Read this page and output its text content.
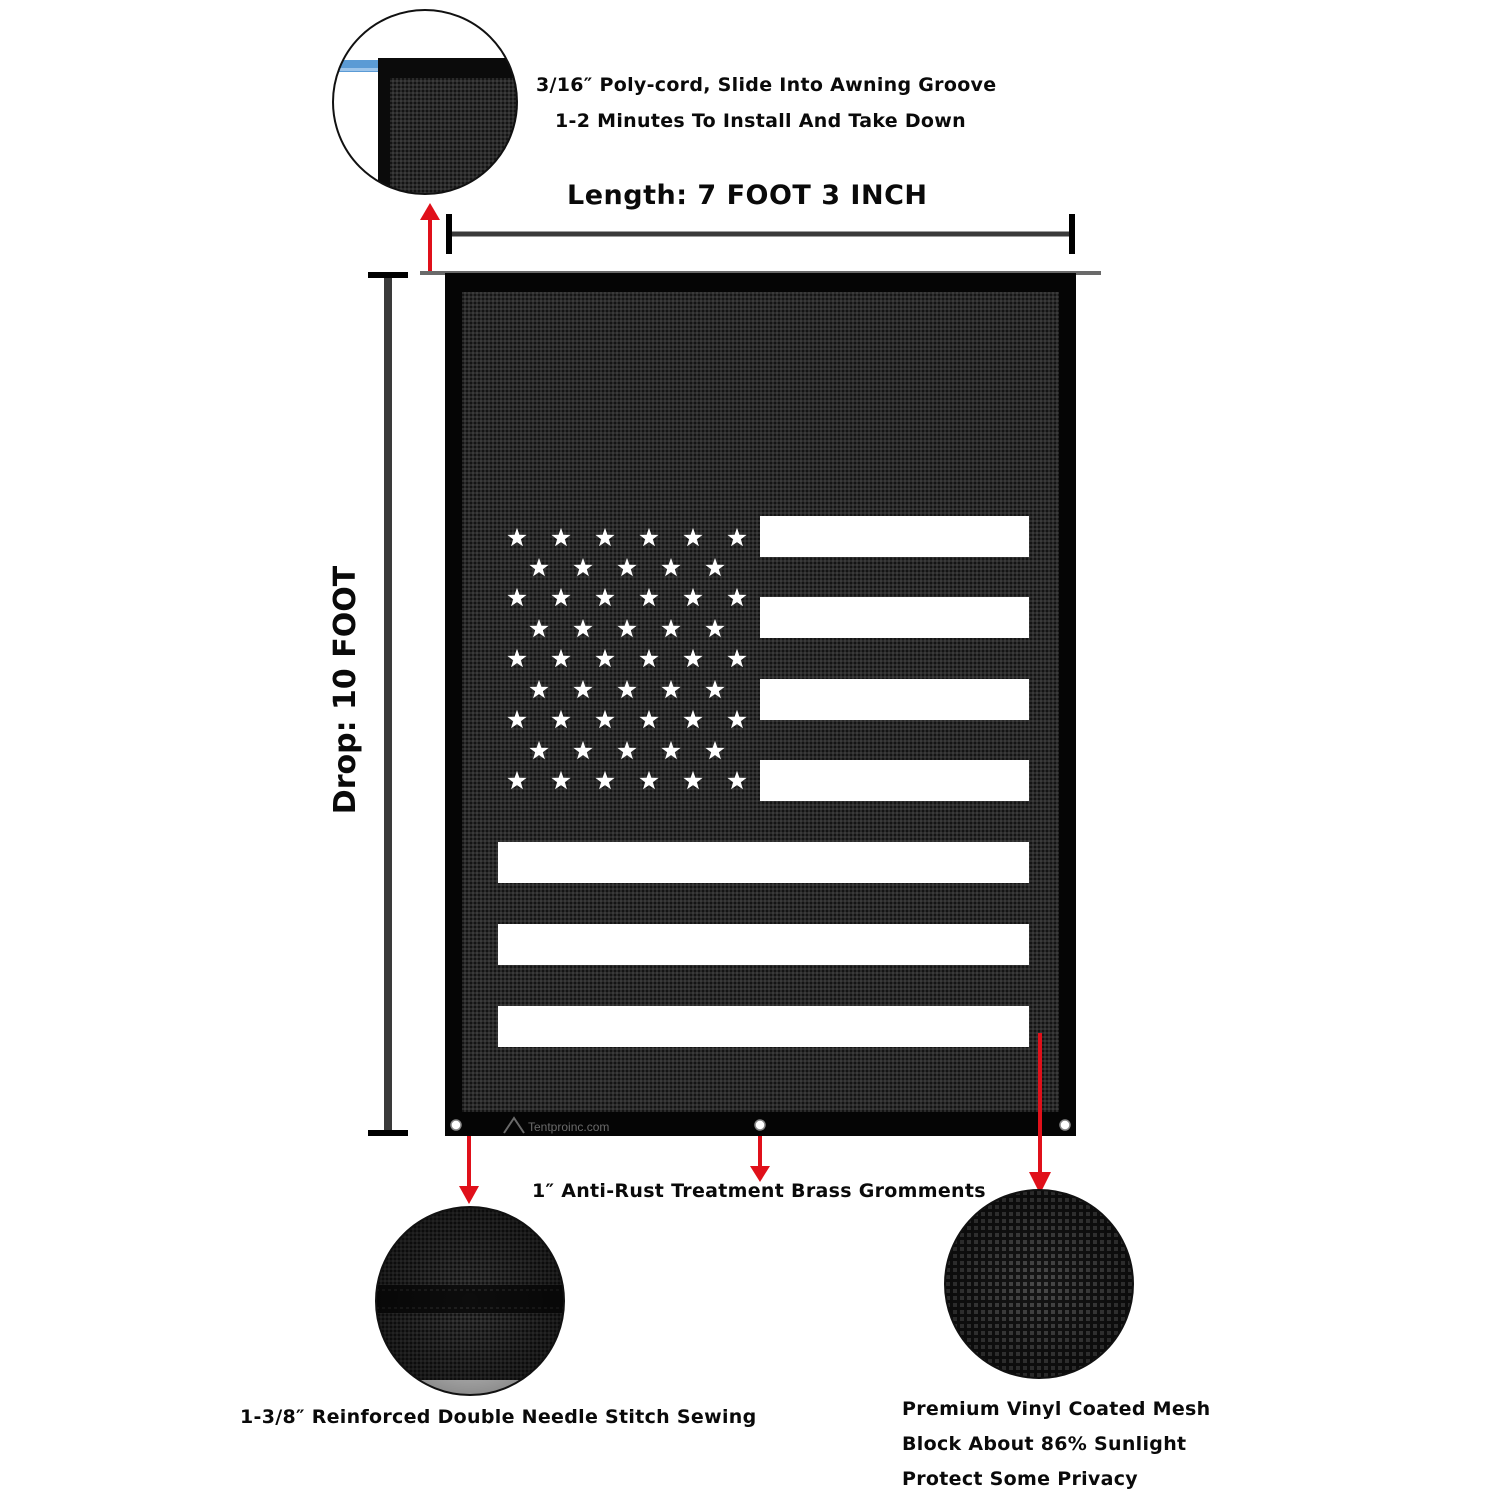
Tentproinc.com
Drop: 10 FOOT
3/16″ Poly-cord, Slide Into Awning Groove
1-2 Minutes To Install And Take Down
Length: 7 FOOT 3 INCH
1″ Anti-Rust Treatment Brass Gromments
1-3/8″ Reinforced Double Needle Stitch Sewing	Premium Vinyl Coated Mesh
Block About 86% Sunlight
Protect Some Privacy
